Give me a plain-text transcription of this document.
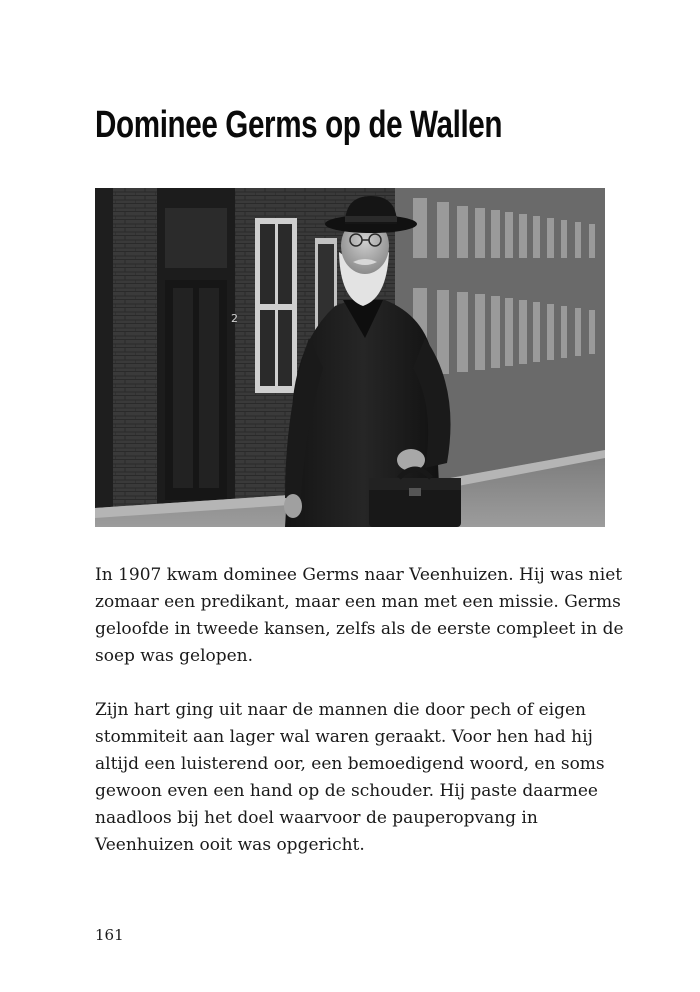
Dominee Germs op de Wallen
2

In 1907 kwam dominee Germs naar Veenhuizen. Hij was niet zomaar een predikant, maar een man met een missie. Germs geloofde in tweede kansen, zelfs als de eerste compleet in de soep was gelopen.

Zijn hart ging uit naar de mannen die door pech of eigen stommiteit aan lager wal waren geraakt. Voor hen had hij altijd een luisterend oor, een bemoedigend woord, en soms gewoon even een hand op de schouder. Hij paste daarmee naadloos bij het doel waarvoor de pauperopvang in Veenhuizen ooit was opgericht.

161
